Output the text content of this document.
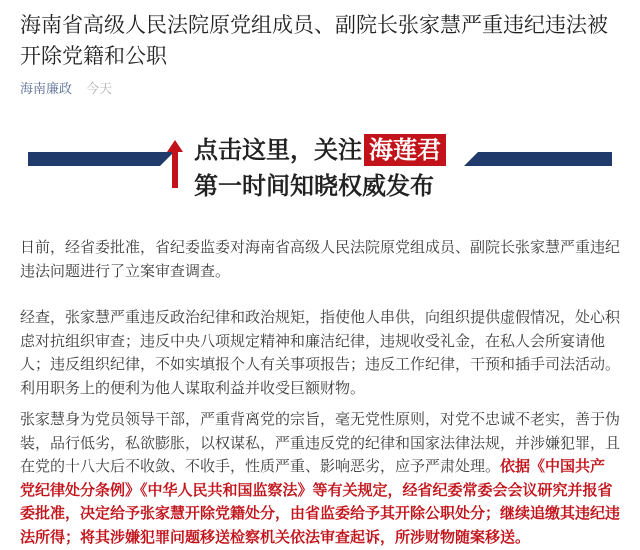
海南省高级人民法院原党组成员、副院长张家慧严重违纪违法被开除党籍和公职
海南廉政 今天
点击这里，关注 海莲君
第一时间知晓权威发布

日前，经省委批准，省纪委监委对海南省高级人民法院原党组成员、副院长张家慧严重违纪违法问题进行了立案审查调查。

经查，张家慧严重违反政治纪律和政治规矩，指使他人串供，向组织提供虚假情况，处心积虑对抗组织审查；违反中央八项规定精神和廉洁纪律，违规收受礼金，在私人会所宴请他人；违反组织纪律，不如实填报个人有关事项报告；违反工作纪律，干预和插手司法活动。利用职务上的便利为他人谋取利益并收受巨额财物。

张家慧身为党员领导干部，严重背离党的宗旨，毫无党性原则，对党不忠诚不老实，善于伪装，品行低劣，私欲膨胀，以权谋私，严重违反党的纪律和国家法律法规，并涉嫌犯罪，且在党的十八大后不收敛、不收手，性质严重、影响恶劣，应予严肃处理。依据《中国共产党纪律处分条例》《中华人民共和国监察法》等有关规定，经省纪委常委会会议研究并报省委批准，决定给予张家慧开除党籍处分，由省监委给予其开除公职处分；继续追缴其违纪违法所得；将其涉嫌犯罪问题移送检察机关依法审查起诉，所涉财物随案移送。
